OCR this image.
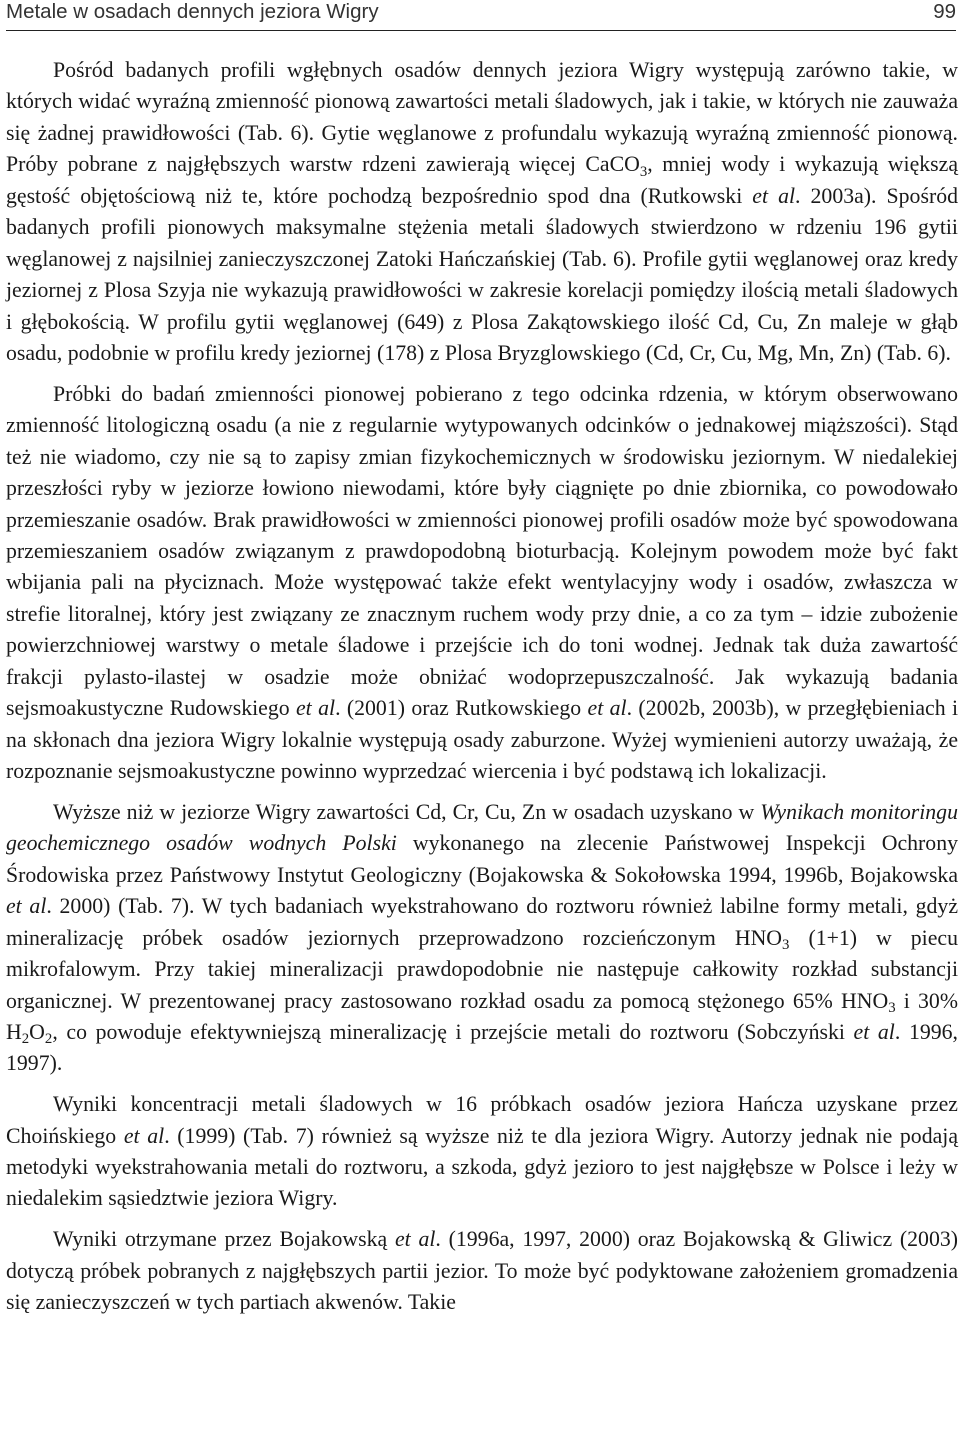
Metale w osadach dennych jeziora Wigry	99

Pośród badanych profili wgłębnych osadów dennych jeziora Wigry występują zarówno takie, w których widać wyraźną zmienność pionową zawartości metali śladowych, jak i takie, w których nie zauważa się żadnej prawidłowości (Tab. 6). Gytie węglanowe z profundalu wykazują wyraźną zmienność pionową. Próby pobrane z najgłębszych warstw rdzeni zawierają więcej CaCO$_3$, mniej wody i wykazują większą gęstość objętościową niż te, które pochodzą bezpośrednio spod dna (Rutkowski et al. 2003a). Spośród badanych profili pionowych maksymalne stężenia metali śladowych stwierdzono w rdzeniu 196 gytii węglanowej z najsilniej zanieczyszczonej Zatoki Hańczańskiej (Tab. 6). Profile gytii węglanowej oraz kredy jeziornej z Plosa Szyja nie wykazują prawidłowości w zakresie korelacji pomiędzy ilością metali śladowych i głębokością. W profilu gytii węglanowej (649) z Plosa Zakątowskiego ilość Cd, Cu, Zn maleje w głąb osadu, podobnie w profilu kredy jeziornej (178) z Plosa Bryzglowskiego (Cd, Cr, Cu, Mg, Mn, Zn) (Tab. 6).

Próbki do badań zmienności pionowej pobierano z tego odcinka rdzenia, w którym obserwowano zmienność litologiczną osadu (a nie z regularnie wytypowanych odcinków o jednakowej miąższości). Stąd też nie wiadomo, czy nie są to zapisy zmian fizykochemicznych w środowisku jeziornym. W niedalekiej przeszłości ryby w jeziorze łowiono niewodami, które były ciągnięte po dnie zbiornika, co powodowało przemieszanie osadów. Brak prawidłowości w zmienności pionowej profili osadów może być spowodowana przemieszaniem osadów związanym z prawdopodobną bioturbacją. Kolejnym powodem może być fakt wbijania pali na płyciznach. Może występować także efekt wentylacyjny wody i osadów, zwłaszcza w strefie litoralnej, który jest związany ze znacznym ruchem wody przy dnie, a co za tym – idzie zubożenie powierzchniowej warstwy o metale śladowe i przejście ich do toni wodnej. Jednak tak duża zawartość frakcji pylasto-ilastej w osadzie może obniżać wodoprzepuszczalność. Jak wykazują badania sejsmoakustyczne Rudowskiego et al. (2001) oraz Rutkowskiego et al. (2002b, 2003b), w przegłębieniach i na skłonach dna jeziora Wigry lokalnie występują osady zaburzone. Wyżej wymienieni autorzy uważają, że rozpoznanie sejsmoakustyczne powinno wyprzedzać wiercenia i być podstawą ich lokalizacji.

Wyższe niż w jeziorze Wigry zawartości Cd, Cr, Cu, Zn w osadach uzyskano w Wynikach monitoringu geochemicznego osadów wodnych Polski wykonanego na zlecenie Państwowej Inspekcji Ochrony Środowiska przez Państwowy Instytut Geologiczny (Bojakowska & Sokołowska 1994, 1996b, Bojakowska et al. 2000) (Tab. 7). W tych badaniach wyekstrahowano do roztworu również labilne formy metali, gdyż mineralizację próbek osadów jeziornych przeprowadzono rozcieńczonym $HNO_3$ (1+1) w piecu mikrofalowym. Przy takiej mineralizacji prawdopodobnie nie następuje całkowity rozkład substancji organicznej. W prezentowanej pracy zastosowano rozkład osadu za pomocą stężonego 65% $HNO_3$ i 30% $H_2O_2$, co powoduje efektywniejszą mineralizację i przejście metali do roztworu (Sobczyński et al. 1996, 1997).

Wyniki koncentracji metali śladowych w 16 próbkach osadów jeziora Hańcza uzyskane przez Choińskiego et al. (1999) (Tab. 7) również są wyższe niż te dla jeziora Wigry. Autorzy jednak nie podają metodyki wyekstrahowania metali do roztworu, a szkoda, gdyż jezioro to jest najgłębsze w Polsce i leży w niedalekim sąsiedztwie jeziora Wigry.

Wyniki otrzymane przez Bojakowską et al. (1996a, 1997, 2000) oraz Bojakowską & Gliwicz (2003) dotyczą próbek pobranych z najgłębszych partii jezior. To może być podyktowane założeniem gromadzenia się zanieczyszczeń w tych partiach akwenów. Takie
